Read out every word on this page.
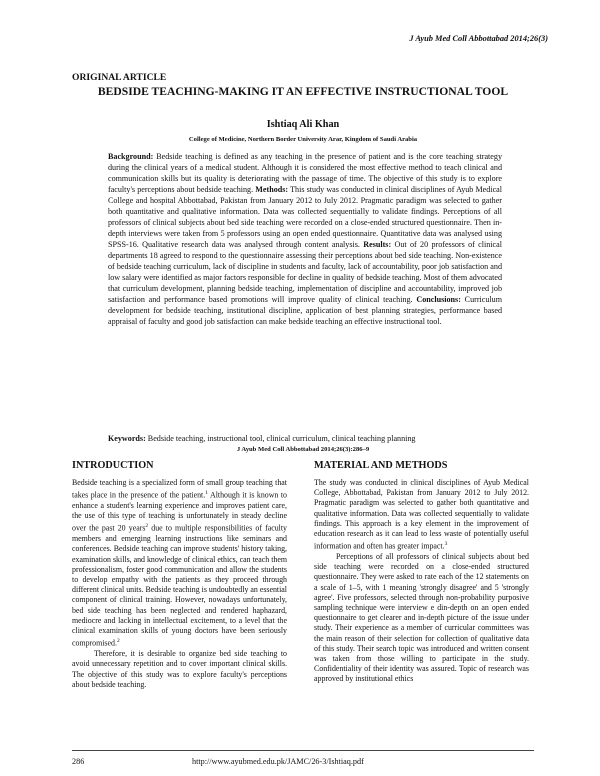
J Ayub Med Coll Abbottabad 2014;26(3)
ORIGINAL ARTICLE
BEDSIDE TEACHING-MAKING IT AN EFFECTIVE INSTRUCTIONAL TOOL
Ishtiaq Ali Khan
College of Medicine, Northern Border University Arar, Kingdom of Saudi Arabia
Background: Bedside teaching is defined as any teaching in the presence of patient and is the core teaching strategy during the clinical years of a medical student. Although it is considered the most effective method to teach clinical and communication skills but its quality is deteriorating with the passage of time. The objective of this study is to explore faculty's perceptions about bedside teaching. Methods: This study was conducted in clinical disciplines of Ayub Medical College and hospital Abbottabad, Pakistan from January 2012 to July 2012. Pragmatic paradigm was selected to gather both quantitative and qualitative information. Data was collected sequentially to validate findings. Perceptions of all professors of clinical subjects about bed side teaching were recorded on a close-ended structured questionnaire. Then in-depth interviews were taken from 5 professors using an open ended questionnaire. Quantitative data was analysed using SPSS-16. Qualitative research data was analysed through content analysis. Results: Out of 20 professors of clinical departments 18 agreed to respond to the questionnaire assessing their perceptions about bed side teaching. Non-existence of bedside teaching curriculum, lack of discipline in students and faculty, lack of accountability, poor job satisfaction and low salary were identified as major factors responsible for decline in quality of bedside teaching. Most of them advocated that curriculum development, planning bedside teaching, implementation of discipline and accountability, improved job satisfaction and performance based promotions will improve quality of clinical teaching. Conclusions: Curriculum development for bedside teaching, institutional discipline, application of best planning strategies, performance based appraisal of faculty and good job satisfaction can make bedside teaching an effective instructional tool.
Keywords: Bedside teaching, instructional tool, clinical curriculum, clinical teaching planning
J Ayub Med Coll Abbottabad 2014;26(3):286–9
INTRODUCTION

Bedside teaching is a specialized form of small group teaching that takes place in the presence of the patient.$^1$ Although it is known to enhance a student's learning experience and improves patient care, the use of this type of teaching is unfortunately in steady decline over the past 20 years$^2$ due to multiple responsibilities of faculty members and emerging learning instructions like seminars and conferences. Bedside teaching can improve students' history taking, examination skills, and knowledge of clinical ethics, can teach them professionalism, foster good communication and allow the students to develop empathy with the patients as they proceed through different clinical units. Bedside teaching is undoubtedly an essential component of clinical training. However, nowadays unfortunately, bed side teaching has been neglected and rendered haphazard, mediocre and lacking in intellectual excitement, to a level that the clinical examination skills of young doctors have been seriously compromised.$^2$

Therefore, it is desirable to organize bed side teaching to avoid unnecessary repetition and to cover important clinical skills. The objective of this study was to explore faculty's perceptions about bedside teaching.

MATERIAL AND METHODS

The study was conducted in clinical disciplines of Ayub Medical College, Abbottabad, Pakistan from January 2012 to July 2012. Pragmatic paradigm was selected to gather both quantitative and qualitative information. Data was collected sequentially to validate findings. This approach is a key element in the improvement of education research as it can lead to less waste of potentially useful information and often has greater impact.$^3$

Perceptions of all professors of clinical subjects about bed side teaching were recorded on a close-ended structured questionnaire. They were asked to rate each of the 12 statements on a scale of 1–5, with 1 meaning 'strongly disagree' and 5 'strongly agree'. Five professors, selected through non-probability purposive sampling technique were interview e din-depth on an open ended questionnaire to get clearer and in-depth picture of the issue under study. Their experience as a member of curricular committees was the main reason of their selection for collection of qualitative data of this study. Their search topic was introduced and written consent was taken from those willing to participate in the study. Confidentiality of their identity was assured. Topic of research was approved by institutional ethics

286	http://www.ayubmed.edu.pk/JAMC/26-3/Ishtiaq.pdf
